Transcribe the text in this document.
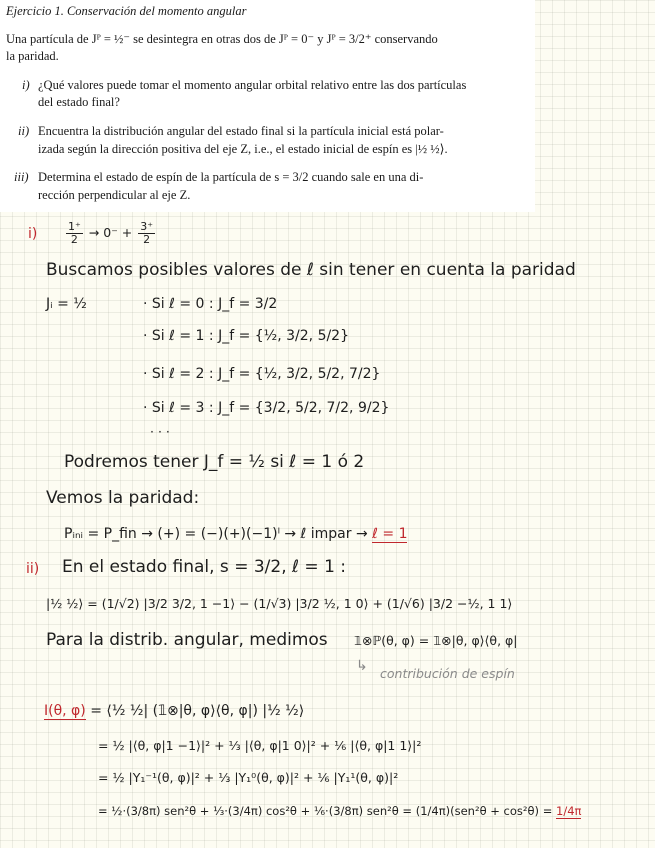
Ejercicio 1. Conservación del momento angular
Una partícula de Jᴾ = ½⁻ se desintegra en otras dos de Jᴾ = 0⁻ y Jᴾ = 3/2⁺ conservando
la paridad.
i) ¿Qué valores puede tomar el momento angular orbital relativo entre las dos partículas
del estado final?
ii) Encuentra la distribución angular del estado final si la partícula inicial está polar-
izada según la dirección positiva del eje Z, i.e., el estado inicial de espín es |½ ½⟩.
iii) Determina el estado de espín de la partícula de s = 3/2 cuando sale en una di-
rección perpendicular al eje Z.
i)	$\frac{1^+}{2} \to 0^- + \frac{3^+}{2}$
Buscamos posibles valores de ℓ sin tener en cuenta la paridad
Jᵢ = ½	· Si ℓ = 0 : J_f = 3/2
· Si ℓ = 1 : J_f = {½, 3/2, 5/2}
· Si ℓ = 2 : J_f = {½, 3/2, 5/2, 7/2}
· Si ℓ = 3 : J_f = {3/2, 5/2, 7/2, 9/2}
· · ·
Podremos tener J_f = ½ si ℓ = 1 ó 2
Vemos la paridad:
Pᵢₙᵢ = P_fin → (+) = (−)(+)(−1)ˡ → ℓ impar → ℓ = 1
ii) En el estado final, s = 3/2, ℓ = 1 :
|½ ½⟩ = (1/√2) |3/2 3/2, 1 −1⟩ − (1/√3) |3/2 ½, 1 0⟩ + (1/√6) |3/2 −½, 1 1⟩
Para la distrib. angular, medimos 𝟙⊗ℙ(θ, φ) = 𝟙⊗|θ, φ⟩⟨θ, φ|
↳ contribución de espín
I(θ, φ) = ⟨½ ½| (𝟙⊗|θ, φ⟩⟨θ, φ|) |½ ½⟩
= ½ |⟨θ, φ|1 −1⟩|² + ⅓ |⟨θ, φ|1 0⟩|² + ⅙ |⟨θ, φ|1 1⟩|²
= ½ |Y₁⁻¹(θ, φ)|² + ⅓ |Y₁⁰(θ, φ)|² + ⅙ |Y₁¹(θ, φ)|²
= ½·(3/8π) sen²θ + ⅓·(3/4π) cos²θ + ⅙·(3/8π) sen²θ = (1/4π)(sen²θ + cos²θ) = 1/4π
